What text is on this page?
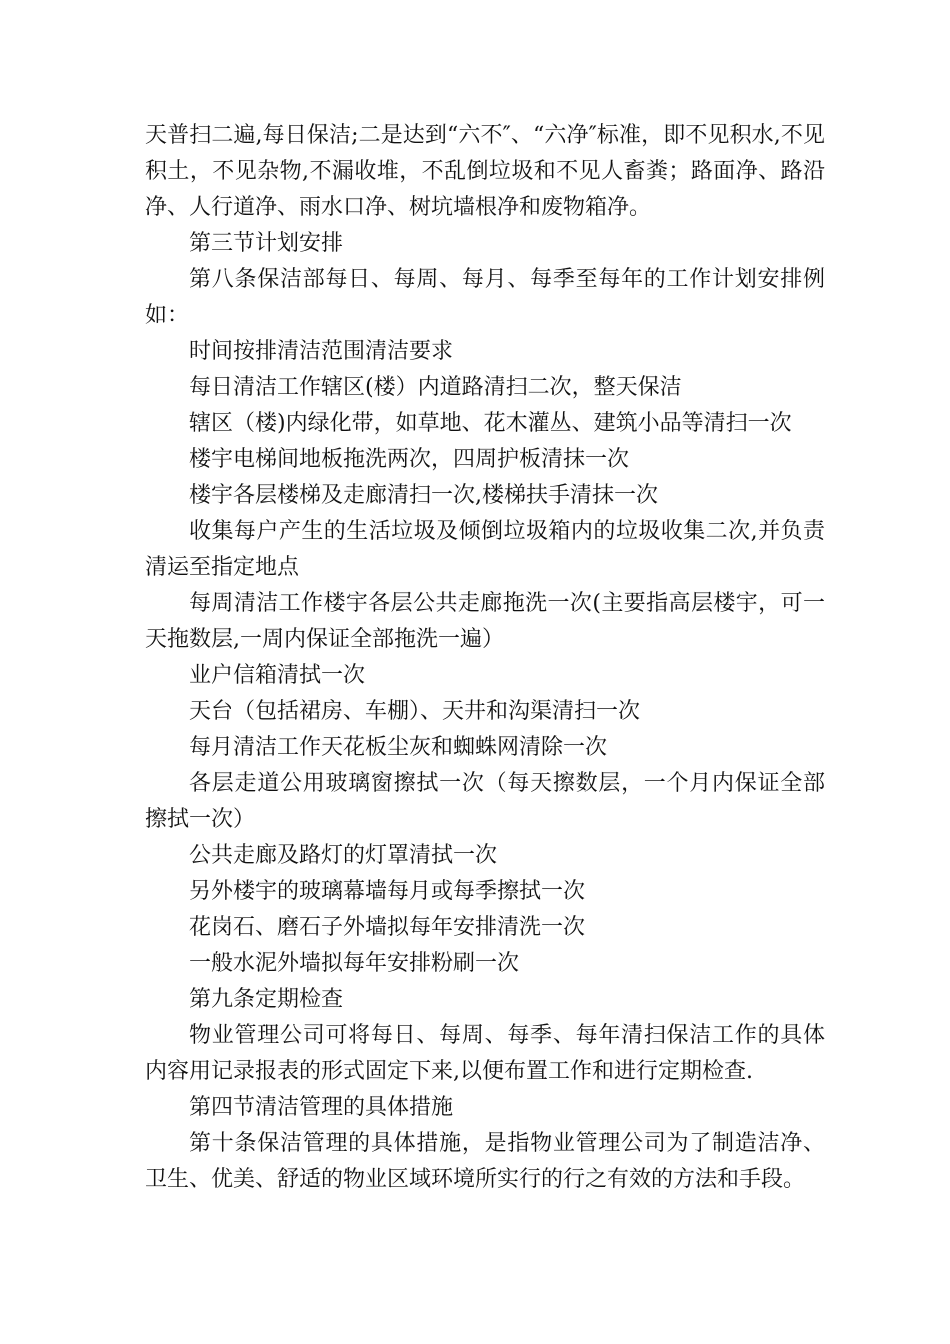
天普扫二遍,每日保洁;二是达到“六不″、“六净″标准，即不见积水,不见积土，不见杂物,不漏收堆，不乱倒垃圾和不见人畜粪；路面净、路沿净、人行道净、雨水口净、树坑墙根净和废物箱净。

第三节计划安排

第八条保洁部每日、每周、每月、每季至每年的工作计划安排例如：

时间按排清洁范围清洁要求

每日清洁工作辖区(楼）内道路清扫二次，整天保洁

辖区（楼)内绿化带，如草地、花木灌丛、建筑小品等清扫一次

楼宇电梯间地板拖洗两次，四周护板清抹一次

楼宇各层楼梯及走廊清扫一次,楼梯扶手清抹一次

收集每户产生的生活垃圾及倾倒垃圾箱内的垃圾收集二次,并负责清运至指定地点

每周清洁工作楼宇各层公共走廊拖洗一次(主要指高层楼宇，可一天拖数层,一周内保证全部拖洗一遍）

业户信箱清拭一次

天台（包括裙房、车棚）、天井和沟渠清扫一次

每月清洁工作天花板尘灰和蜘蛛网清除一次

各层走道公用玻璃窗擦拭一次（每天擦数层，一个月内保证全部擦拭一次）

公共走廊及路灯的灯罩清拭一次

另外楼宇的玻璃幕墙每月或每季擦拭一次

花岗石、磨石子外墙拟每年安排清洗一次

一般水泥外墙拟每年安排粉刷一次

第九条定期检查

物业管理公司可将每日、每周、每季、每年清扫保洁工作的具体内容用记录报表的形式固定下来,以便布置工作和进行定期检查.

第四节清洁管理的具体措施

第十条保洁管理的具体措施，是指物业管理公司为了制造洁净、卫生、优美、舒适的物业区域环境所实行的行之有效的方法和手段。
